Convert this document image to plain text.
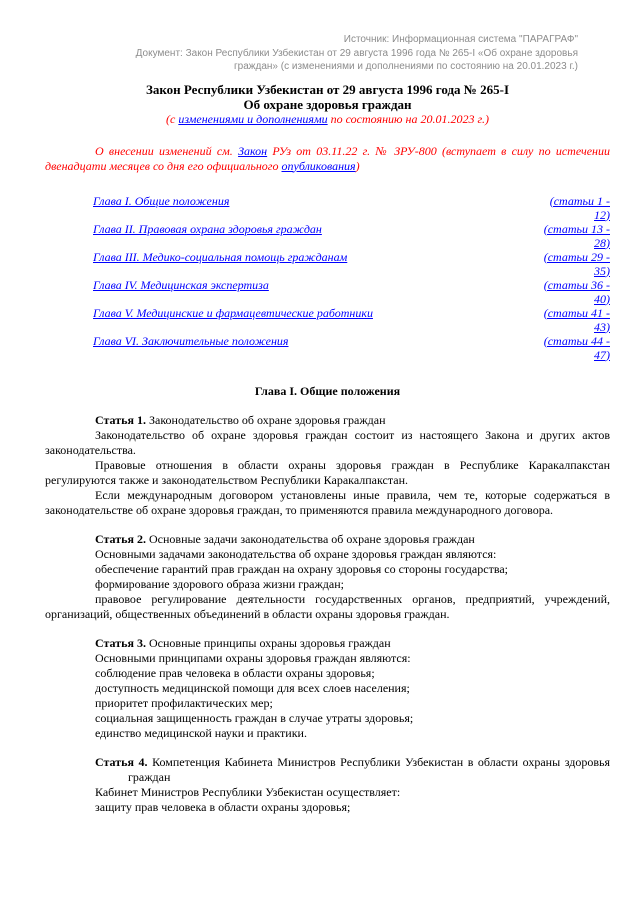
Источник: Информационная система "ПАРАГРАФ"
Документ: Закон Республики Узбекистан от 29 августа 1996 года № 265-I «Об охране здоровья
граждан» (с изменениями и дополнениями по состоянию на 20.01.2023 г.)
Закон Республики Узбекистан от 29 августа 1996 года № 265-I
Об охране здоровья граждан
(с изменениями и дополнениями по состоянию на 20.01.2023 г.)

О внесении изменений см. Закон РУз от 03.11.22 г. № ЗРУ-800 (вступает в силу по истечении двенадцати месяцев со дня его официального опубликования)

Глава I. Общие положения	(статьи 1 -
12)
Глава II. Правовая охрана здоровья граждан	(статьи 13 -
28)
Глава III. Медико-социальная помощь гражданам	(статьи 29 -
35)
Глава IV. Медицинская экспертиза	(статьи 36 -
40)
Глава V. Медицинские и фармацевтические работники	(статьи 41 -
43)
Глава VI. Заключительные положения	(статьи 44 -
47)
Глава I. Общие положения

Статья 1. Законодательство об охране здоровья граждан

Законодательство об охране здоровья граждан состоит из настоящего Закона и других актов законодательства.

Правовые отношения в области охраны здоровья граждан в Республике Каракалпакстан регулируются также и законодательством Республики Каракалпакстан.

Если международным договором установлены иные правила, чем те, которые содержаться в законодательстве об охране здоровья граждан, то применяются правила международного договора.

Статья 2. Основные задачи законодательства об охране здоровья граждан

Основными задачами законодательства об охране здоровья граждан являются:

обеспечение гарантий прав граждан на охрану здоровья со стороны государства;

формирование здорового образа жизни граждан;

правовое регулирование деятельности государственных органов, предприятий, учреждений, организаций, общественных объединений в области охраны здоровья граждан.

Статья 3. Основные принципы охраны здоровья граждан

Основными принципами охраны здоровья граждан являются:

соблюдение прав человека в области охраны здоровья;

доступность медицинской помощи для всех слоев населения;

приоритет профилактических мер;

социальная защищенность граждан в случае утраты здоровья;

единство медицинской науки и практики.

Статья 4. Компетенция Кабинета Министров Республики Узбекистан в области охраны здоровья граждан

Кабинет Министров Республики Узбекистан осуществляет:

защиту прав человека в области охраны здоровья;
